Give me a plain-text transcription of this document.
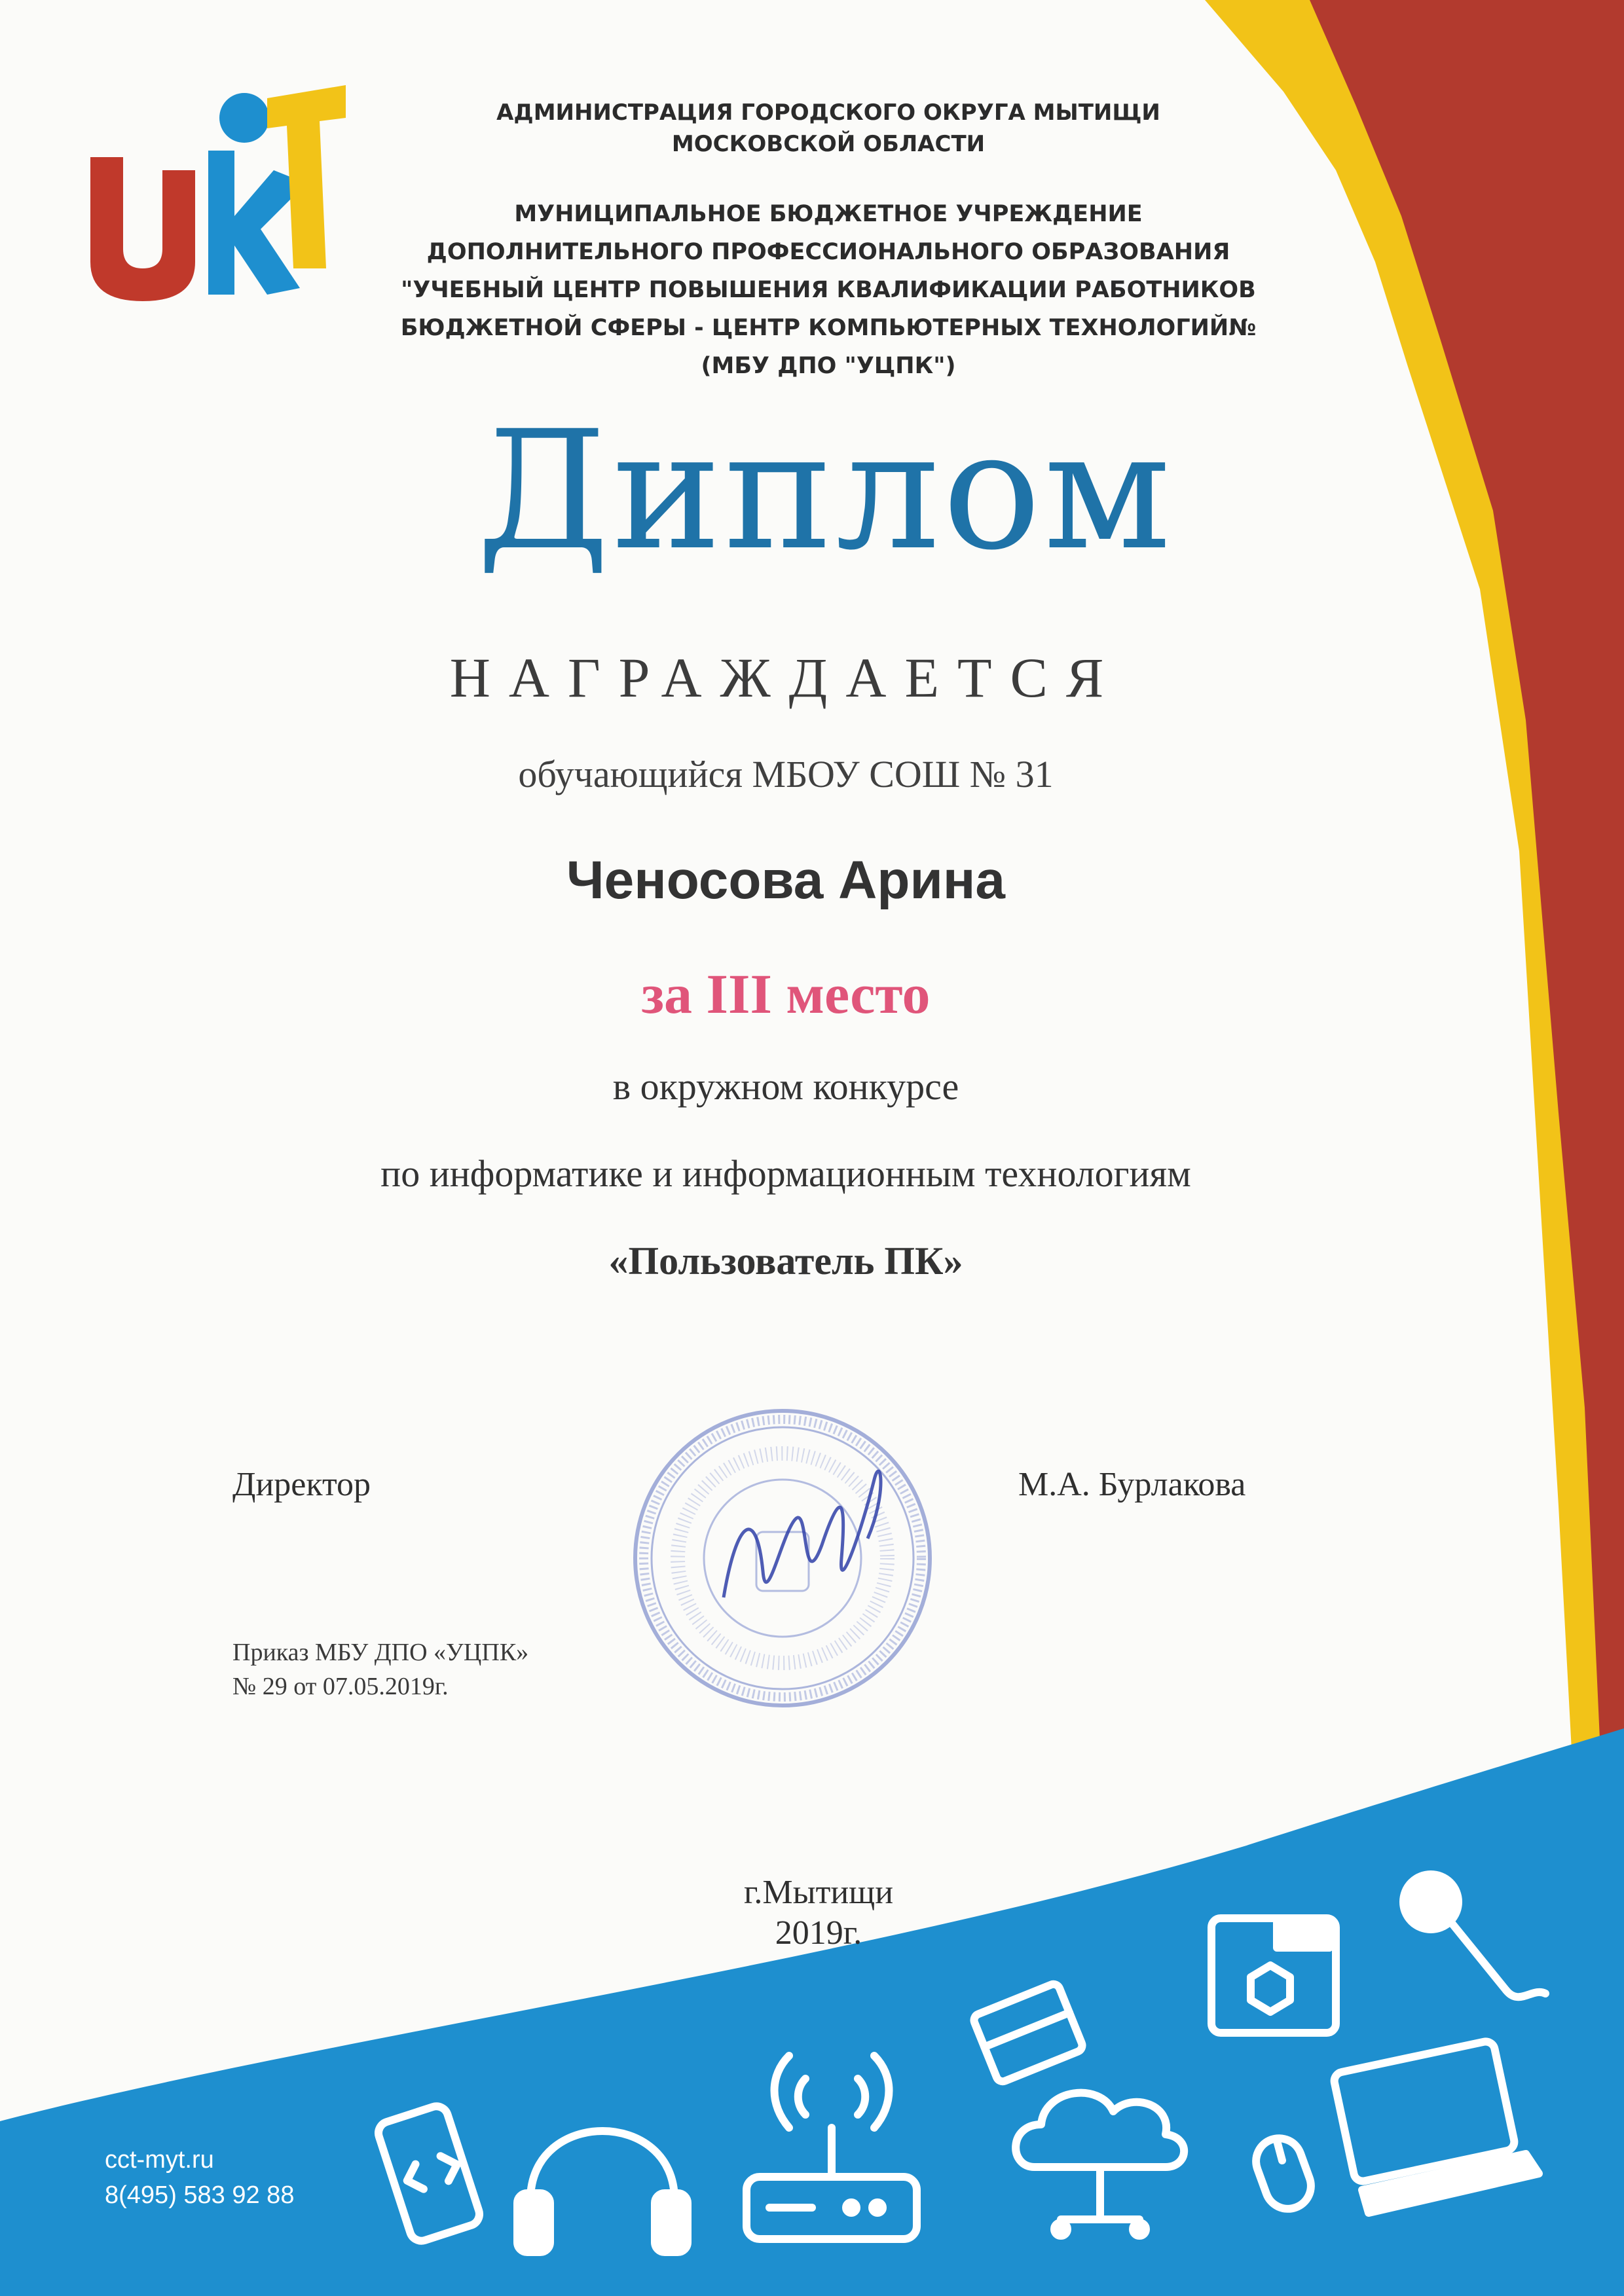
АДМИНИСТРАЦИЯ ГОРОДСКОГО ОКРУГА МЫТИЩИ
МОСКОВСКОЙ ОБЛАСТИ
МУНИЦИПАЛЬНОЕ БЮДЖЕТНОЕ УЧРЕЖДЕНИЕ
ДОПОЛНИТЕЛЬНОГО ПРОФЕССИОНАЛЬНОГО ОБРАЗОВАНИЯ
"УЧЕБНЫЙ ЦЕНТР ПОВЫШЕНИЯ КВАЛИФИКАЦИИ РАБОТНИКОВ
БЮДЖЕТНОЙ СФЕРЫ - ЦЕНТР КОМПЬЮТЕРНЫХ ТЕХНОЛОГИЙ№
(МБУ ДПО "УЦПК")
Диплом
НАГРАЖДАЕТСЯ
обучающийся МБОУ СОШ № 31
Ченосова Арина
за III место
в окружном конкурсе
по информатике и информационным технологиям
«Пользователь ПК»
Директор	М.А. Бурлакова
Приказ МБУ ДПО «УЦПК»
№ 29 от 07.05.2019г.
г.Мытищи
2019г.
cct-myt.ru
8(495) 583 92 88
